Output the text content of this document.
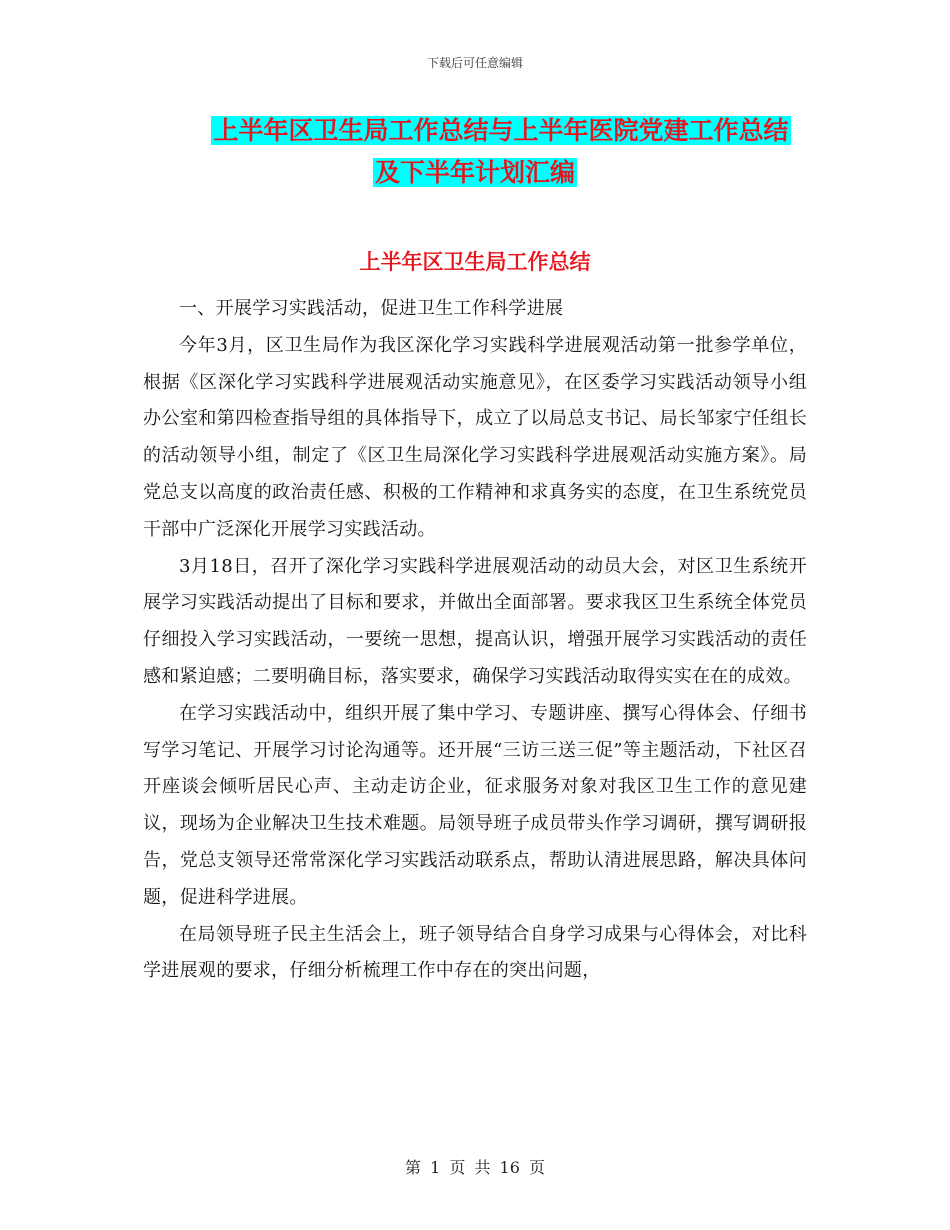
下载后可任意编辑
上半年区卫生局工作总结与上半年医院党建工作总结
及下半年计划汇编
上半年区卫生局工作总结

一、开展学习实践活动，促进卫生工作科学进展

今年3月，区卫生局作为我区深化学习实践科学进展观活动第一批参学单位，根据《区深化学习实践科学进展观活动实施意见》，在区委学习实践活动领导小组办公室和第四检查指导组的具体指导下，成立了以局总支书记、局长邹家宁任组长的活动领导小组，制定了《区卫生局深化学习实践科学进展观活动实施方案》。局党总支以高度的政治责任感、积极的工作精神和求真务实的态度，在卫生系统党员干部中广泛深化开展学习实践活动。

3月18日，召开了深化学习实践科学进展观活动的动员大会，对区卫生系统开展学习实践活动提出了目标和要求，并做出全面部署。要求我区卫生系统全体党员仔细投入学习实践活动，一要统一思想，提高认识，增强开展学习实践活动的责任感和紧迫感；二要明确目标，落实要求，确保学习实践活动取得实实在在的成效。

在学习实践活动中，组织开展了集中学习、专题讲座、撰写心得体会、仔细书写学习笔记、开展学习讨论沟通等。还开展“三访三送三促”等主题活动，下社区召开座谈会倾听居民心声、主动走访企业，征求服务对象对我区卫生工作的意见建议，现场为企业解决卫生技术难题。局领导班子成员带头作学习调研，撰写调研报告，党总支领导还常常深化学习实践活动联系点，帮助认清进展思路，解决具体问题，促进科学进展。

在局领导班子民主生活会上，班子领导结合自身学习成果与心得体会，对比科学进展观的要求，仔细分析梳理工作中存在的突出问题，

第 1 页 共 16 页
